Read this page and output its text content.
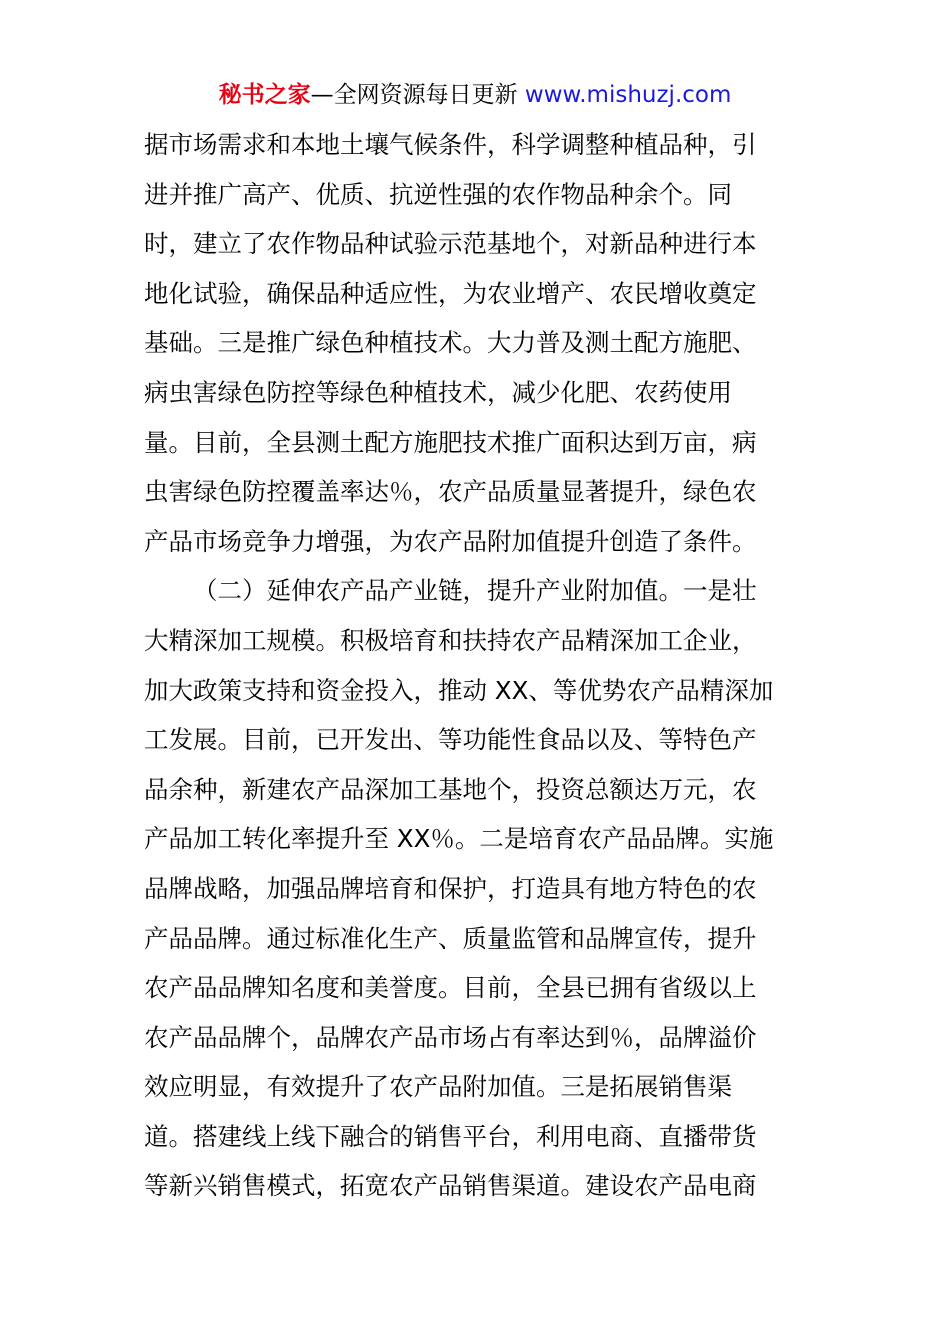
秘书之家—全网资源每日更新 www.mishuzj.com
据市场需求和本地土壤气候条件，科学调整种植品种，引
进并推广高产、优质、抗逆性强的农作物品种余个。同
时，建立了农作物品种试验示范基地个，对新品种进行本
地化试验，确保品种适应性，为农业增产、农民增收奠定
基础。三是推广绿色种植技术。大力普及测土配方施肥、
病虫害绿色防控等绿色种植技术，减少化肥、农药使用
量。目前，全县测土配方施肥技术推广面积达到万亩，病
虫害绿色防控覆盖率达％，农产品质量显著提升，绿色农
产品市场竞争力增强，为农产品附加值提升创造了条件。
（二）延伸农产品产业链，提升产业附加值。一是壮
大精深加工规模。积极培育和扶持农产品精深加工企业，
加大政策支持和资金投入，推动 XX、等优势农产品精深加
工发展。目前，已开发出、等功能性食品以及、等特色产
品余种，新建农产品深加工基地个，投资总额达万元，农
产品加工转化率提升至 XX％。二是培育农产品品牌。实施
品牌战略，加强品牌培育和保护，打造具有地方特色的农
产品品牌。通过标准化生产、质量监管和品牌宣传，提升
农产品品牌知名度和美誉度。目前，全县已拥有省级以上
农产品品牌个，品牌农产品市场占有率达到％，品牌溢价
效应明显，有效提升了农产品附加值。三是拓展销售渠
道。搭建线上线下融合的销售平台，利用电商、直播带货
等新兴销售模式，拓宽农产品销售渠道。建设农产品电商
